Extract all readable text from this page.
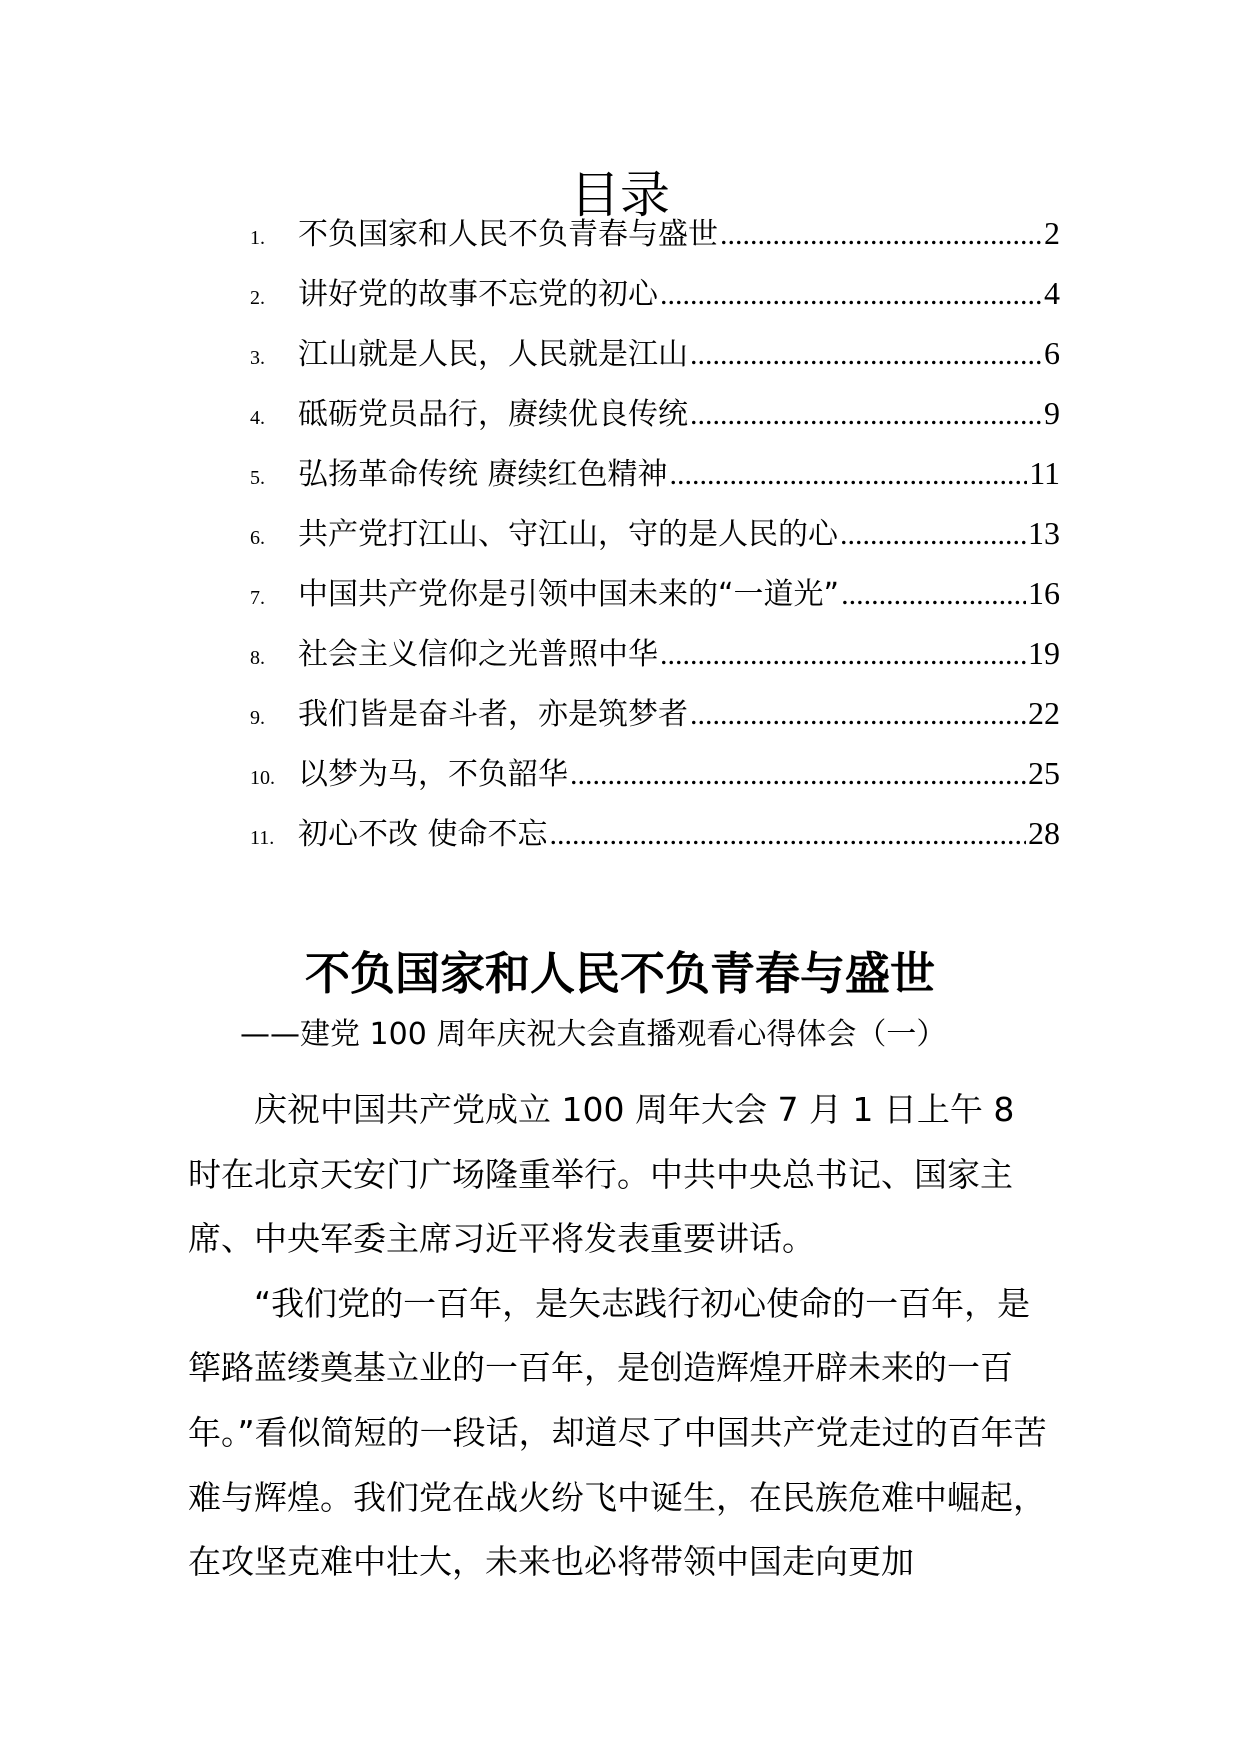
目录
1.	不负国家和人民不负青春与盛世 .....	2
2.	讲好党的故事不忘党的初心 .....	4
3.	江山就是人民，人民就是江山 .....	6
4.	砥砺党员品行，赓续优良传统 .....	9
5.	弘扬革命传统 赓续红色精神 .....	11
6.	共产党打江山、守江山，守的是人民的心 .....	13
7.	中国共产党你是引领中国未来的“一道光” .....	16
8.	社会主义信仰之光普照中华 .....	19
9.	我们皆是奋斗者，亦是筑梦者 .....	22
10. 以梦为马，不负韶华 .....	25
11. 初心不改 使命不忘 .....	28
不负国家和人民不负青春与盛世
——建党 100 周年庆祝大会直播观看心得体会（一）

庆祝中国共产党成立 100 周年大会 7 月 1 日上午 8 时在北京天安门广场隆重举行。中共中央总书记、国家主席、中央军委主席习近平将发表重要讲话。

“我们党的一百年，是矢志践行初心使命的一百年，是筚路蓝缕奠基立业的一百年，是创造辉煌开辟未来的一百年。”看似简短的一段话，却道尽了中国共产党走过的百年苦难与辉煌。我们党在战火纷飞中诞生，在民族危难中崛起，在攻坚克难中壮大，未来也必将带领中国走向更加
